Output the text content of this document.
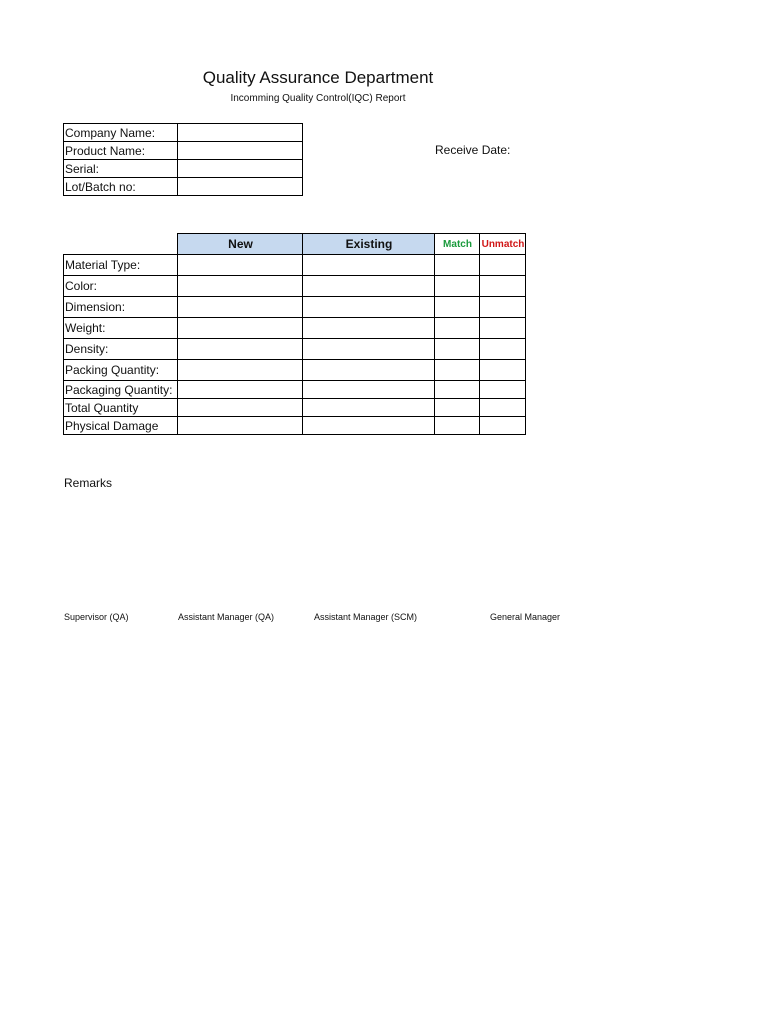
Quality Assurance Department
Incomming Quality Control(IQC) Report
Company Name:	
Product Name:	
Serial:	
Lot/Batch no:	
Receive Date:
	New	Existing	Match	Unmatch
Material Type:				
Color:				
Dimension:				
Weight:				
Density:				
Packing Quantity:				
Packaging Quantity:				
Total Quantity				
Physical Damage				
Remarks
Supervisor (QA)	Assistant Manager (QA)	Assistant Manager (SCM)	General Manager
